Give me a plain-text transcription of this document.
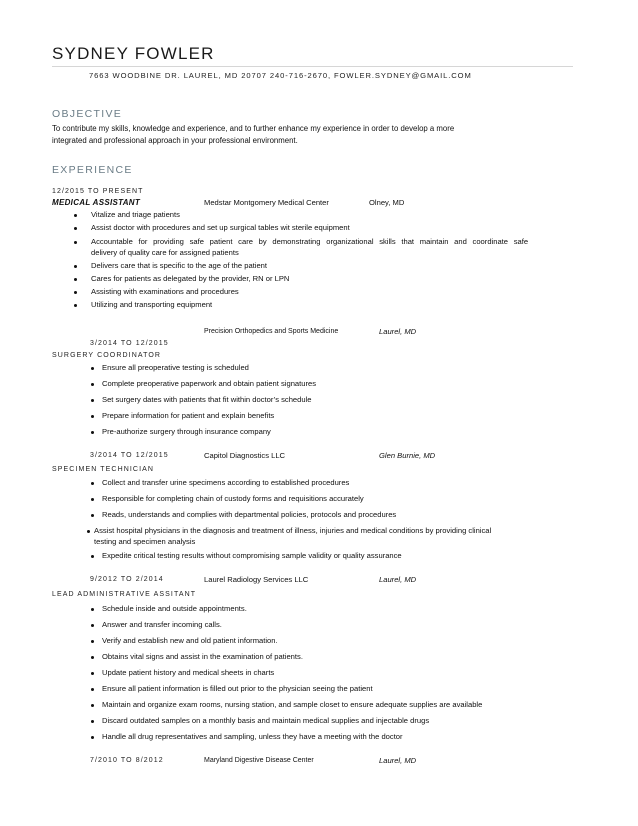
SYDNEY FOWLER
7663 WOODBINE DR. LAUREL, MD 20707 240-716-2670, FOWLER.SYDNEY@GMAIL.COM
OBJECTIVE
To contribute my skills, knowledge and experience, and to further enhance my experience in order to develop a more
integrated and professional approach in your professional environment.
EXPERIENCE
12/2015 TO PRESENT
MEDICAL ASSISTANT	Medstar Montgomery Medical Center	Olney, MD
Vitalize and triage patients
Assist doctor with procedures and set up surgical tables wit sterile equipment
Accountable for providing safe patient care by demonstrating organizational skills that maintain and coordinate safe
delivery of quality care for assigned patients
Delivers care that is specific to the age of the patient
Cares for patients as delegated by the provider, RN or LPN
Assisting with examinations and procedures
Utilizing and transporting equipment
Precision Orthopedics and Sports Medicine	Laurel, MD
3/2014 TO 12/2015
SURGERY COORDINATOR
Ensure all preoperative testing is scheduled
Complete preoperative paperwork and obtain patient signatures
Set surgery dates with patients that fit within doctor’s schedule
Prepare information for patient and explain benefits
Pre-authorize surgery through insurance company
3/2014 TO 12/2015	Capitol Diagnostics LLC	Glen Burnie, MD
SPECIMEN TECHNICIAN
Collect and transfer urine specimens according to established procedures
Responsible for completing chain of custody forms and requisitions accurately
Reads, understands and complies with departmental policies, protocols and procedures
Assist hospital physicians in the diagnosis and treatment of illness, injuries and medical conditions by providing clinical
testing and specimen analysis
Expedite critical testing results without compromising sample validity or quality assurance
9/2012 TO 2/2014	Laurel Radiology Services LLC	Laurel, MD
LEAD ADMINISTRATIVE ASSITANT
Schedule inside and outside appointments.
Answer and transfer incoming calls.
Verify and establish new and old patient information.
Obtains vital signs and assist in the examination of patients.
Update patient history and medical sheets in charts
Ensure all patient information is filled out prior to the physician seeing the patient
Maintain and organize exam rooms, nursing station, and sample closet to ensure adequate supplies are available
Discard outdated samples on a monthly basis and maintain medical supplies and injectable drugs
Handle all drug representatives and sampling, unless they have a meeting with the doctor
7/2010 TO 8/2012	Maryland Digestive Disease Center	Laurel, MD
